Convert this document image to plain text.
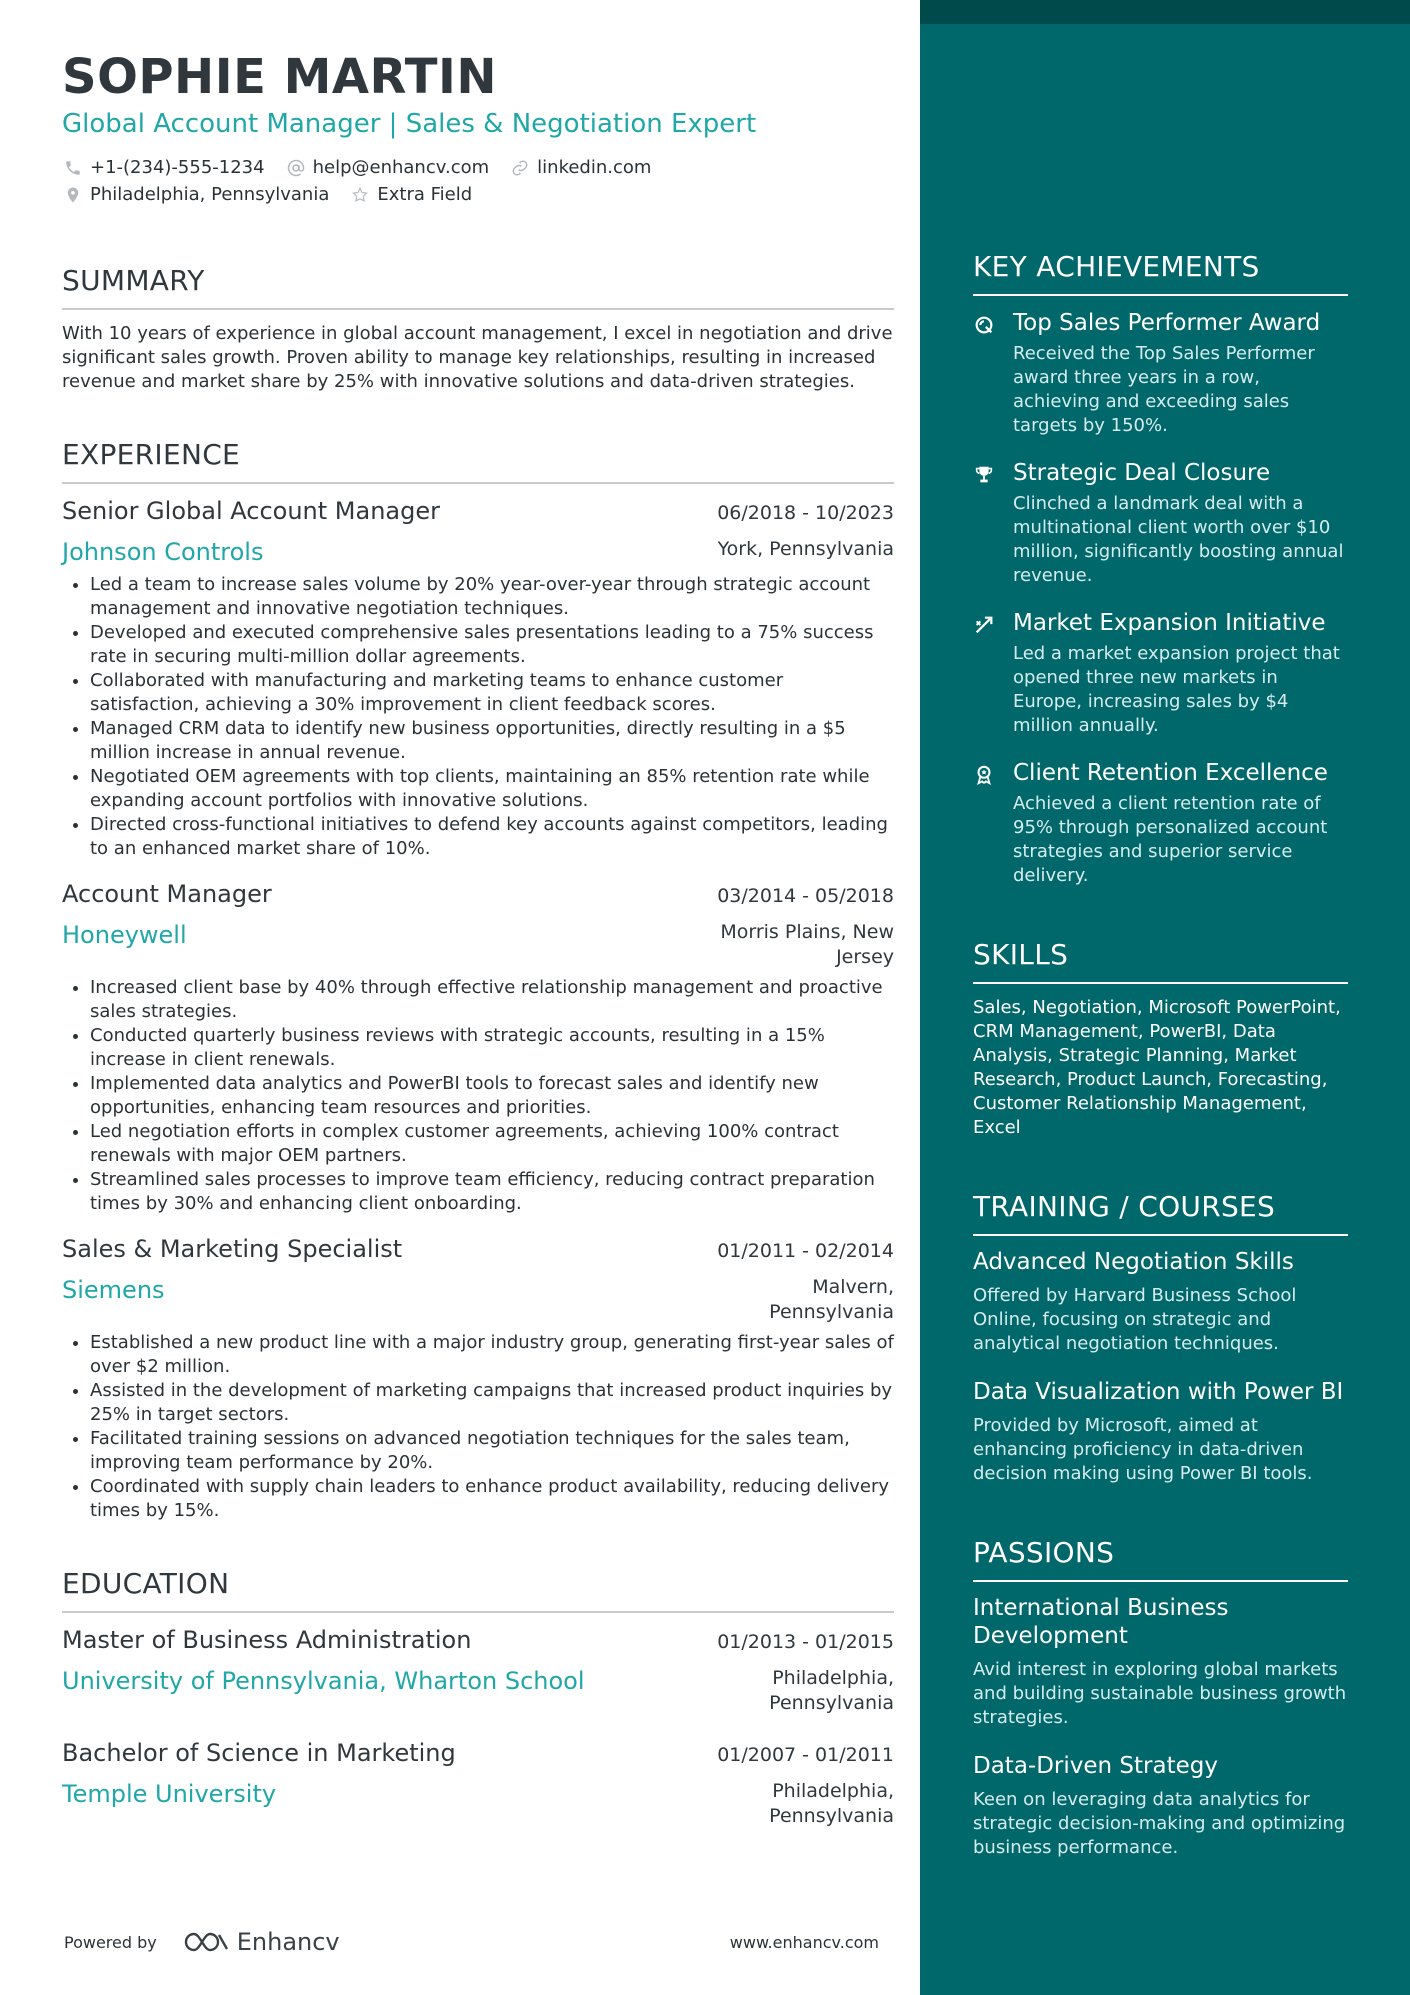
SOPHIE MARTIN
Global Account Manager | Sales & Negotiation Expert
+1-(234)-555-1234	help@enhancv.com	linkedin.com
Philadelphia, Pennsylvania	Extra Field
SUMMARY
With 10 years of experience in global account management, I excel in negotiation and drive significant sales growth. Proven ability to manage key relationships, resulting in increased revenue and market share by 25% with innovative solutions and data-driven strategies.
EXPERIENCE
Senior Global Account Manager	06/2018 - 10/2023
Johnson Controls	York, Pennsylvania
• Led a team to increase sales volume by 20% year-over-year through strategic account management and innovative negotiation techniques.
• Developed and executed comprehensive sales presentations leading to a 75% success rate in securing multi-million dollar agreements.
• Collaborated with manufacturing and marketing teams to enhance customer satisfaction, achieving a 30% improvement in client feedback scores.
• Managed CRM data to identify new business opportunities, directly resulting in a $5 million increase in annual revenue.
• Negotiated OEM agreements with top clients, maintaining an 85% retention rate while expanding account portfolios with innovative solutions.
• Directed cross-functional initiatives to defend key accounts against competitors, leading to an enhanced market share of 10%.
Account Manager	03/2014 - 05/2018
Honeywell	Morris Plains, New Jersey
• Increased client base by 40% through effective relationship management and proactive sales strategies.
• Conducted quarterly business reviews with strategic accounts, resulting in a 15% increase in client renewals.
• Implemented data analytics and PowerBI tools to forecast sales and identify new opportunities, enhancing team resources and priorities.
• Led negotiation efforts in complex customer agreements, achieving 100% contract renewals with major OEM partners.
• Streamlined sales processes to improve team efficiency, reducing contract preparation times by 30% and enhancing client onboarding.
Sales & Marketing Specialist	01/2011 - 02/2014
Siemens	Malvern, Pennsylvania
• Established a new product line with a major industry group, generating first-year sales of over $2 million.
• Assisted in the development of marketing campaigns that increased product inquiries by 25% in target sectors.
• Facilitated training sessions on advanced negotiation techniques for the sales team, improving team performance by 20%.
• Coordinated with supply chain leaders to enhance product availability, reducing delivery times by 15%.
EDUCATION
Master of Business Administration	01/2013 - 01/2015
University of Pennsylvania, Wharton School	Philadelphia, Pennsylvania
Bachelor of Science in Marketing	01/2007 - 01/2011
Temple University	Philadelphia, Pennsylvania
Powered by	Enhancv	www.enhancv.com
KEY ACHIEVEMENTS
Top Sales Performer Award
Received the Top Sales Performer award three years in a row, achieving and exceeding sales targets by 150%.
Strategic Deal Closure
Clinched a landmark deal with a multinational client worth over $10 million, significantly boosting annual revenue.
Market Expansion Initiative
Led a market expansion project that opened three new markets in Europe, increasing sales by $4 million annually.
Client Retention Excellence
Achieved a client retention rate of 95% through personalized account strategies and superior service delivery.
SKILLS
Sales, Negotiation, Microsoft PowerPoint, CRM Management, PowerBI, Data Analysis, Strategic Planning, Market Research, Product Launch, Forecasting, Customer Relationship Management, Excel
TRAINING / COURSES
Advanced Negotiation Skills
Offered by Harvard Business School Online, focusing on strategic and analytical negotiation techniques.
Data Visualization with Power BI
Provided by Microsoft, aimed at enhancing proficiency in data-driven decision making using Power BI tools.
PASSIONS
International Business Development
Avid interest in exploring global markets and building sustainable business growth strategies.
Data-Driven Strategy
Keen on leveraging data analytics for strategic decision-making and optimizing business performance.
